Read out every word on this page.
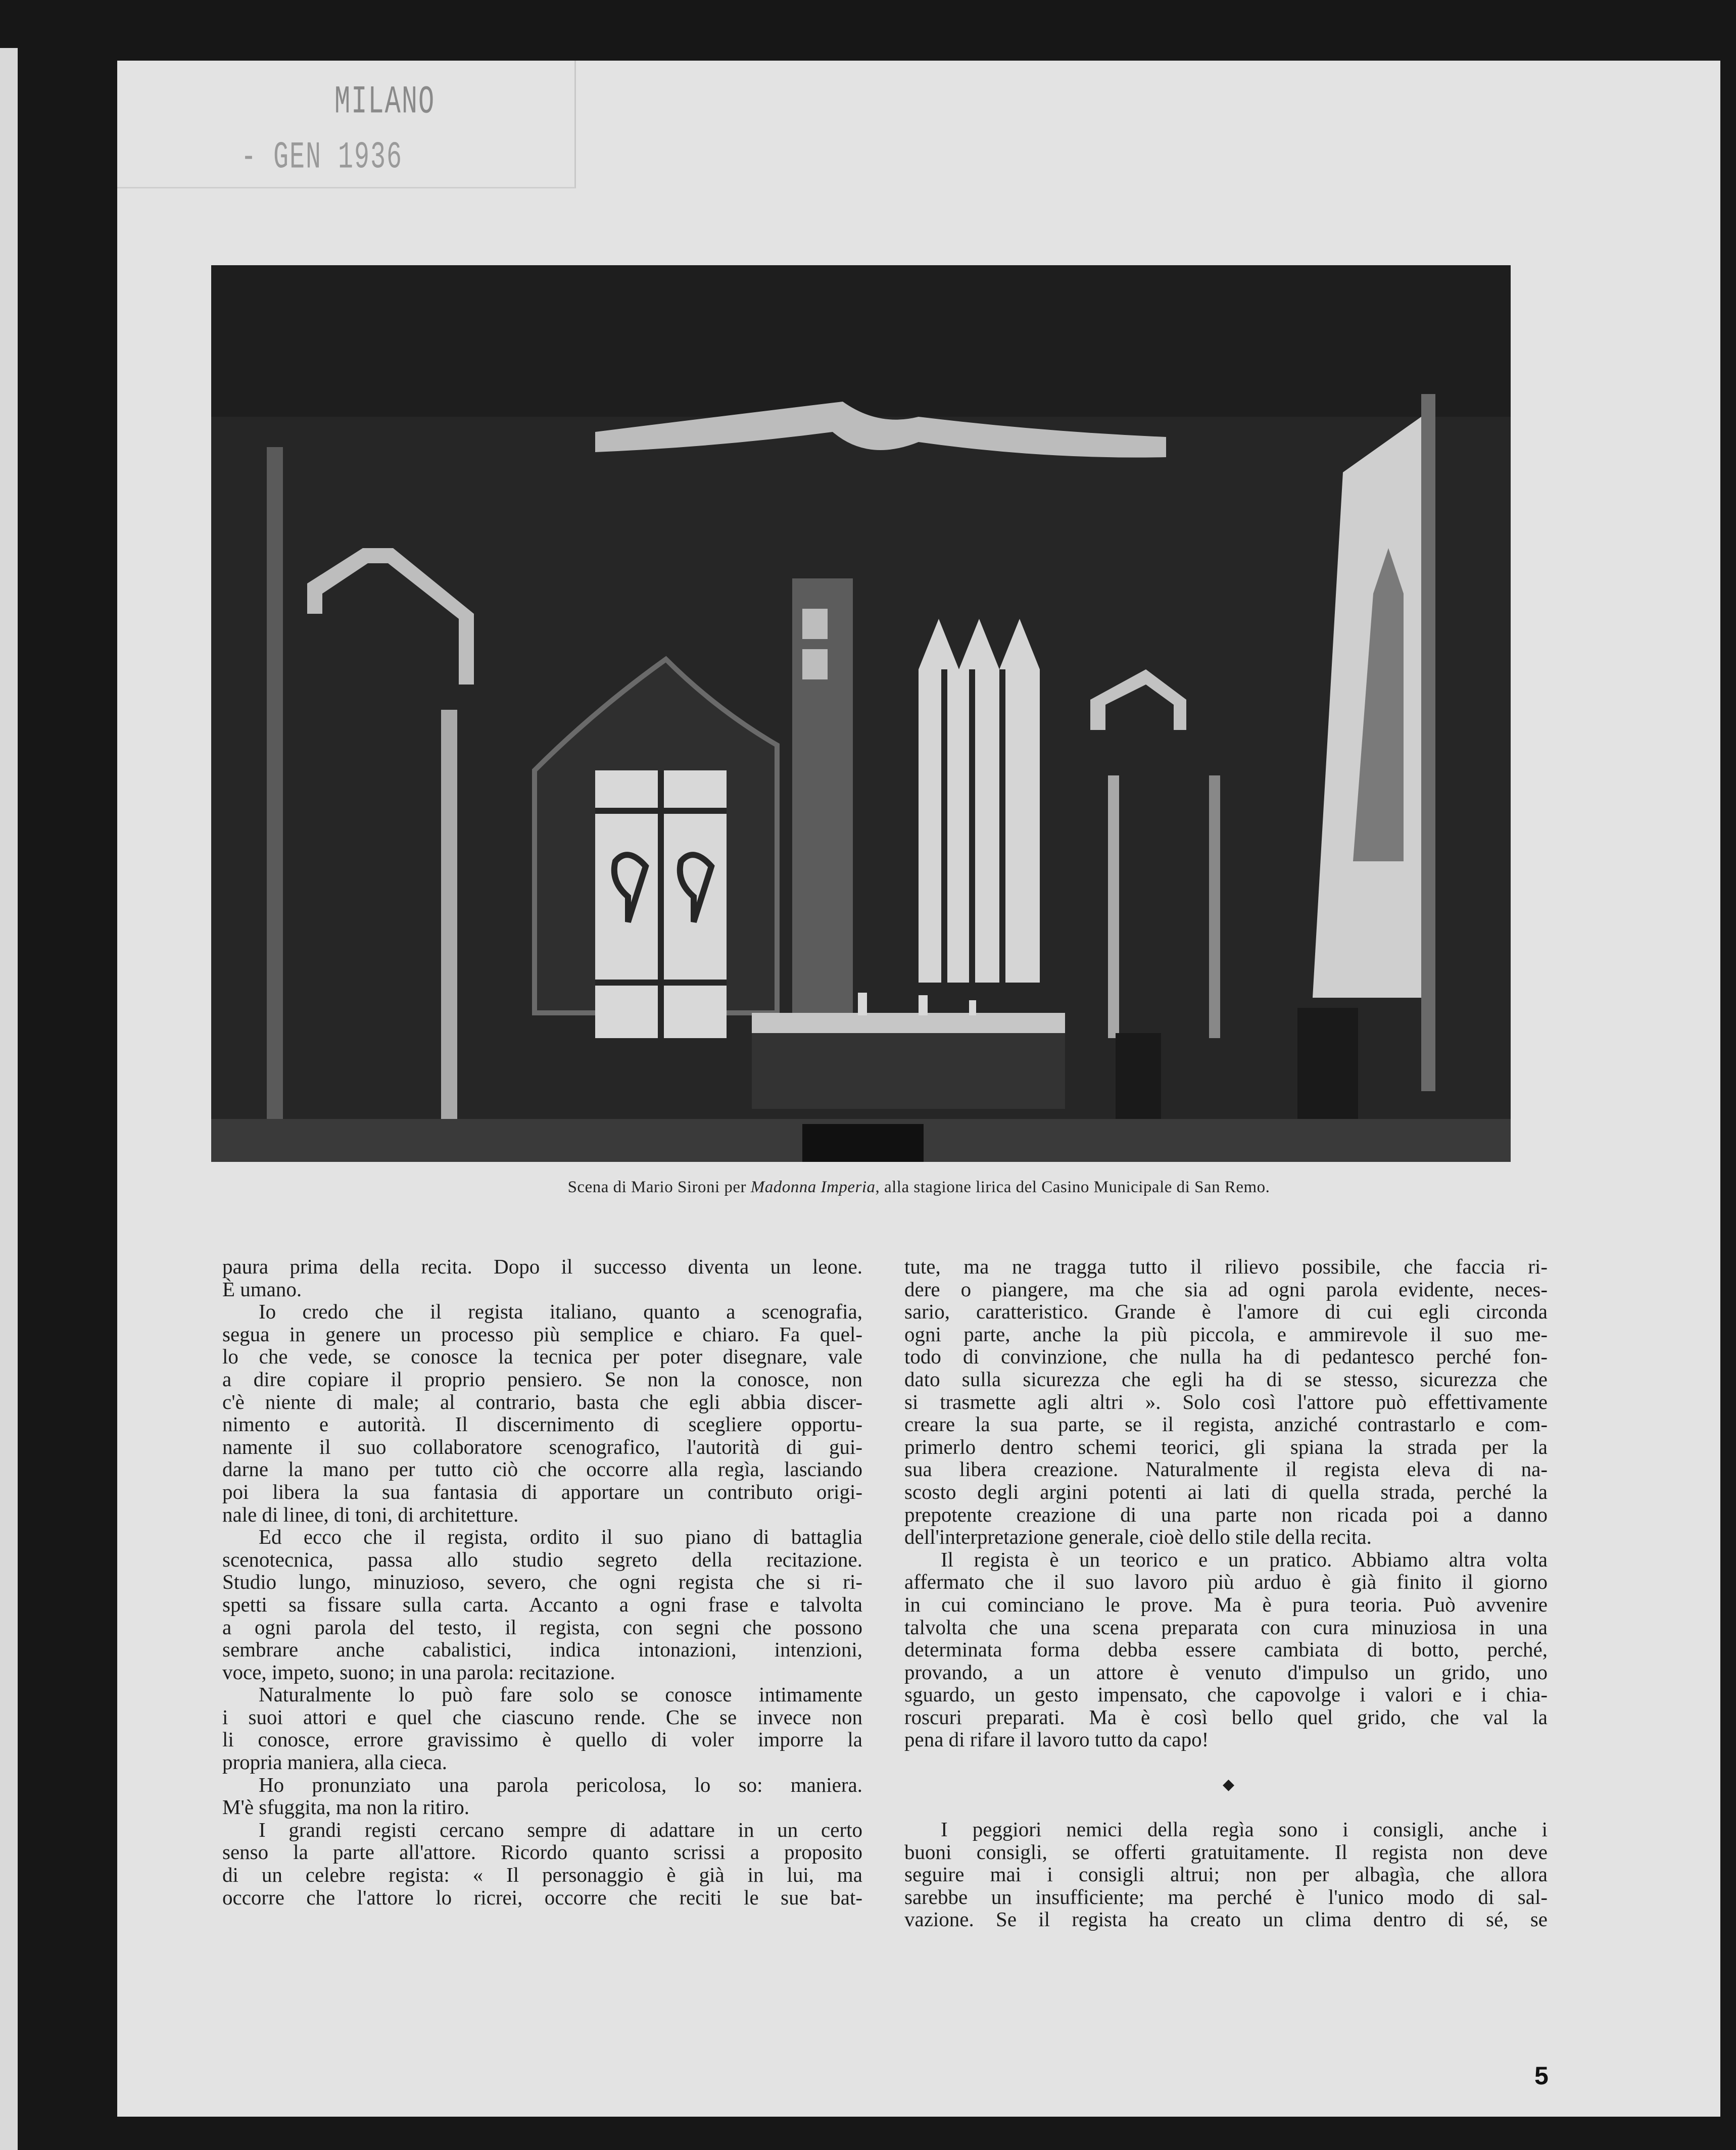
MILANO
- GEN 1936
Scena di Mario Sironi per Madonna Imperia, alla stagione lirica del Casino Municipale di San Remo.
paura prima della recita. Dopo il successo diventa un leone.
È umano.
Io credo che il regista italiano, quanto a scenografia,
segua in genere un processo più semplice e chiaro. Fa quel-
lo che vede, se conosce la tecnica per poter disegnare, vale
a dire copiare il proprio pensiero. Se non la conosce, non
c'è niente di male; al contrario, basta che egli abbia discer-
nimento e autorità. Il discernimento di scegliere opportu-
namente il suo collaboratore scenografico, l'autorità di gui-
darne la mano per tutto ciò che occorre alla regìa, lasciando
poi libera la sua fantasia di apportare un contributo origi-
nale di linee, di toni, di architetture.
Ed ecco che il regista, ordito il suo piano di battaglia
scenotecnica, passa allo studio segreto della recitazione.
Studio lungo, minuzioso, severo, che ogni regista che si ri-
spetti sa fissare sulla carta. Accanto a ogni frase e talvolta
a ogni parola del testo, il regista, con segni che possono
sembrare anche cabalistici, indica intonazioni, intenzioni,
voce, impeto, suono; in una parola: recitazione.
Naturalmente lo può fare solo se conosce intimamente
i suoi attori e quel che ciascuno rende. Che se invece non
li conosce, errore gravissimo è quello di voler imporre la
propria maniera, alla cieca.
Ho pronunziato una parola pericolosa, lo so: maniera.
M'è sfuggita, ma non la ritiro.
I grandi registi cercano sempre di adattare in un certo
senso la parte all'attore. Ricordo quanto scrissi a proposito
di un celebre regista: « Il personaggio è già in lui, ma
occorre che l'attore lo ricrei, occorre che reciti le sue bat-
tute, ma ne tragga tutto il rilievo possibile, che faccia ri-
dere o piangere, ma che sia ad ogni parola evidente, neces-
sario, caratteristico. Grande è l'amore di cui egli circonda
ogni parte, anche la più piccola, e ammirevole il suo me-
todo di convinzione, che nulla ha di pedantesco perché fon-
dato sulla sicurezza che egli ha di se stesso, sicurezza che
si trasmette agli altri ». Solo così l'attore può effettivamente
creare la sua parte, se il regista, anziché contrastarlo e com-
primerlo dentro schemi teorici, gli spiana la strada per la
sua libera creazione. Naturalmente il regista eleva di na-
scosto degli argini potenti ai lati di quella strada, perché la
prepotente creazione di una parte non ricada poi a danno
dell'interpretazione generale, cioè dello stile della recita.
Il regista è un teorico e un pratico. Abbiamo altra volta
affermato che il suo lavoro più arduo è già finito il giorno
in cui cominciano le prove. Ma è pura teoria. Può avvenire
talvolta che una scena preparata con cura minuziosa in una
determinata forma debba essere cambiata di botto, perché,
provando, a un attore è venuto d'impulso un grido, uno
sguardo, un gesto impensato, che capovolge i valori e i chia-
roscuri preparati. Ma è così bello quel grido, che val la
pena di rifare il lavoro tutto da capo!
◆
I peggiori nemici della regìa sono i consigli, anche i
buoni consigli, se offerti gratuitamente. Il regista non deve
seguire mai i consigli altrui; non per albagìa, che allora
sarebbe un insufficiente; ma perché è l'unico modo di sal-
vazione. Se il regista ha creato un clima dentro di sé, se
5
